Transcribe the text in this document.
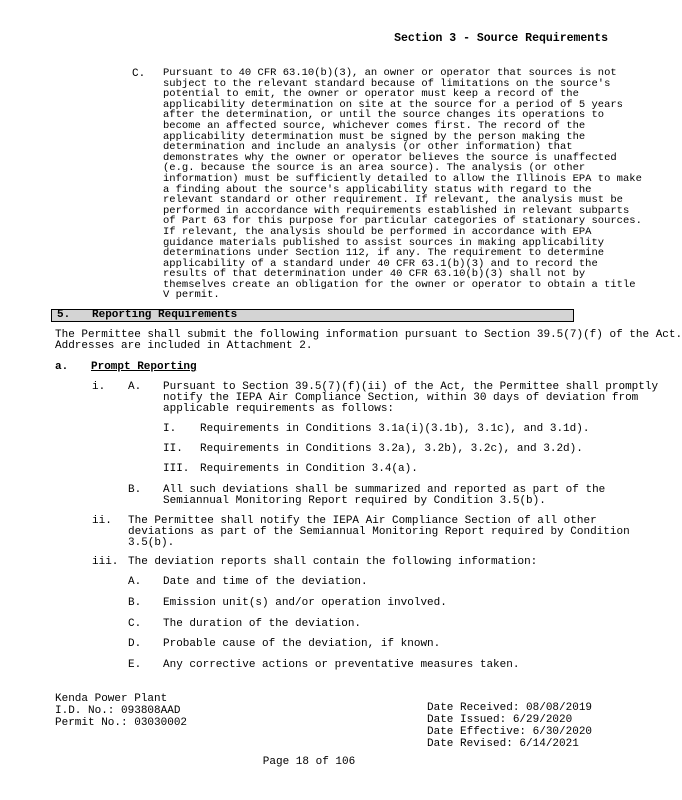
Section 3 - Source Requirements
C. Pursuant to 40 CFR 63.10(b)(3), an owner or operator that sources is not

subject to the relevant standard because of limitations on the source's

potential to emit, the owner or operator must keep a record of the

applicability determination on site at the source for a period of 5 years

after the determination, or until the source changes its operations to

become an affected source, whichever comes first. The record of the

applicability determination must be signed by the person making the

determination and include an analysis (or other information) that

demonstrates why the owner or operator believes the source is unaffected

(e.g. because the source is an area source). The analysis (or other

information) must be sufficiently detailed to allow the Illinois EPA to make

a finding about the source's applicability status with regard to the

relevant standard or other requirement. If relevant, the analysis must be

performed in accordance with requirements established in relevant subparts

of Part 63 for this purpose for particular categories of stationary sources.

If relevant, the analysis should be performed in accordance with EPA

guidance materials published to assist sources in making applicability

determinations under Section 112, if any. The requirement to determine

applicability of a standard under 40 CFR 63.1(b)(3) and to record the

results of that determination under 40 CFR 63.10(b)(3) shall not by

themselves create an obligation for the owner or operator to obtain a title

V permit.

5. Reporting Requirements
The Permittee shall submit the following information pursuant to Section 39.5(7)(f) of the Act.
Addresses are included in Attachment 2.
a. Prompt Reporting
i. A. Pursuant to Section 39.5(7)(f)(ii) of the Act, the Permittee shall promptly
notify the IEPA Air Compliance Section, within 30 days of deviation from
applicable requirements as follows:
I. Requirements in Conditions 3.1a(i)(3.1b), 3.1c), and 3.1d).
II. Requirements in Conditions 3.2a), 3.2b), 3.2c), and 3.2d).
III. Requirements in Condition 3.4(a).
B. All such deviations shall be summarized and reported as part of the
Semiannual Monitoring Report required by Condition 3.5(b).
ii. The Permittee shall notify the IEPA Air Compliance Section of all other
deviations as part of the Semiannual Monitoring Report required by Condition
3.5(b).
iii. The deviation reports shall contain the following information:
A. Date and time of the deviation.
B. Emission unit(s) and/or operation involved.
C. The duration of the deviation.
D. Probable cause of the deviation, if known.
E. Any corrective actions or preventative measures taken.
Kenda Power Plant
I.D. No.: 093808AAD
Permit No.: 03030002
Date Received: 08/08/2019
Date Issued: 6/29/2020
Date Effective: 6/30/2020
Date Revised: 6/14/2021
Page 18 of 106
